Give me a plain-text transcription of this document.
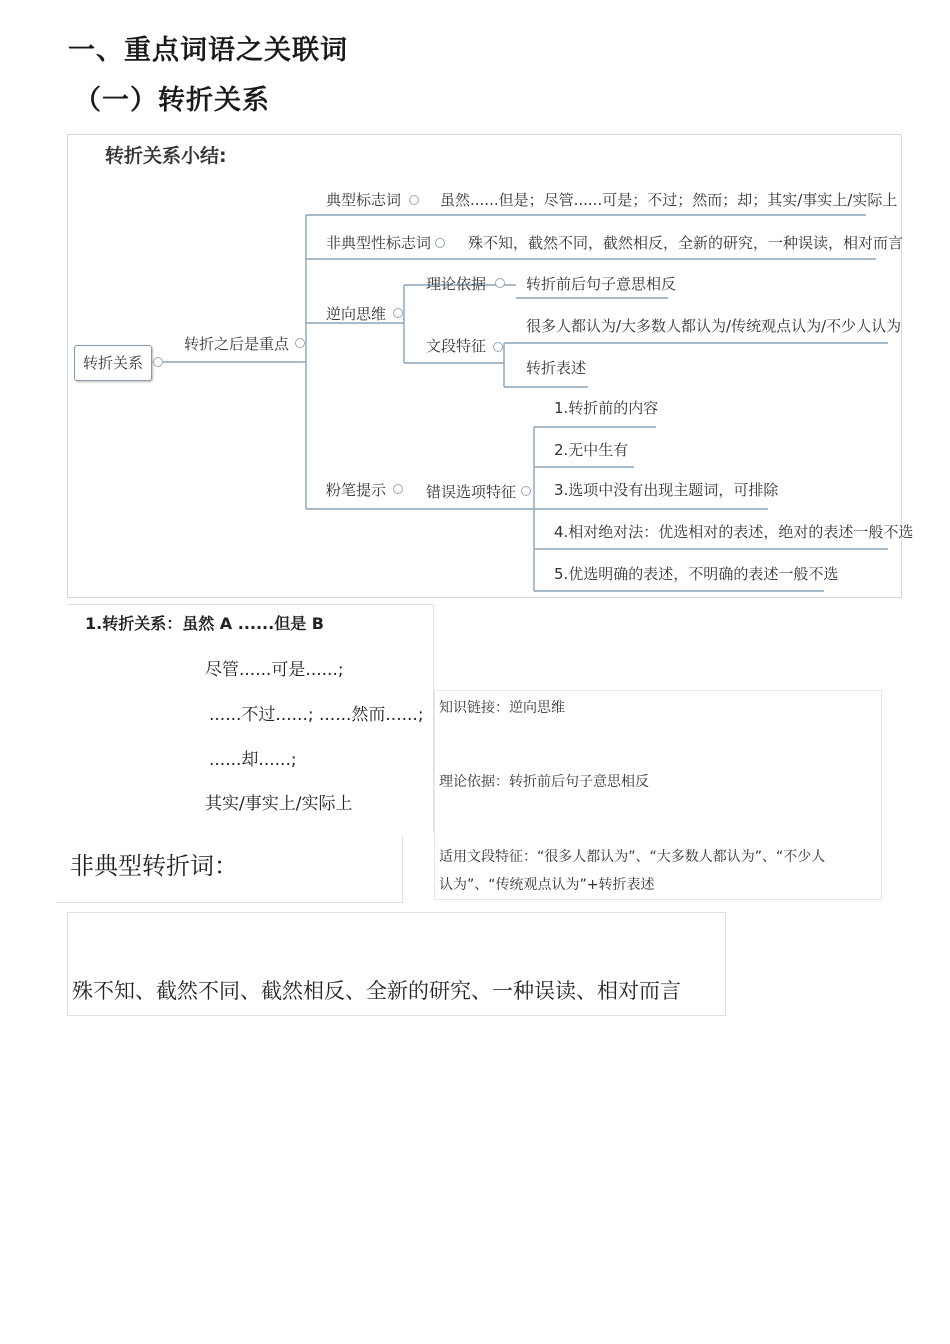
一、重点词语之关联词
（一）转折关系
转折关系小结:
转折关系
转折之后是重点
典型标志词	虽然......但是；尽管......可是；不过；然而；却；其实/事实上/实际上
非典型性标志词 殊不知，截然不同，截然相反，全新的研究，一种误读，相对而言
逆向思维
理论依据	转折前后句子意思相反
文段特征
很多人都认为/大多数人都认为/传统观点认为/不少人认为
转折表述
粉笔提示	错误选项特征
1.转折前的内容
2.无中生有
3.选项中没有出现主题词，可排除
4.相对绝对法：优选相对的表述，绝对的表述一般不选
5.优选明确的表述，不明确的表述一般不选
1.转折关系：虽然 A ......但是 B
尽管......可是......;
......不过......; ......然而......;
......却......;
其实/事实上/实际上
非典型转折词：
知识链接：逆向思维
理论依据：转折前后句子意思相反
适用文段特征：“很多人都认为”、“大多数人都认为”、“不少人
认为”、“传统观点认为”+转折表述
殊不知、截然不同、截然相反、全新的研究、一种误读、相对而言
